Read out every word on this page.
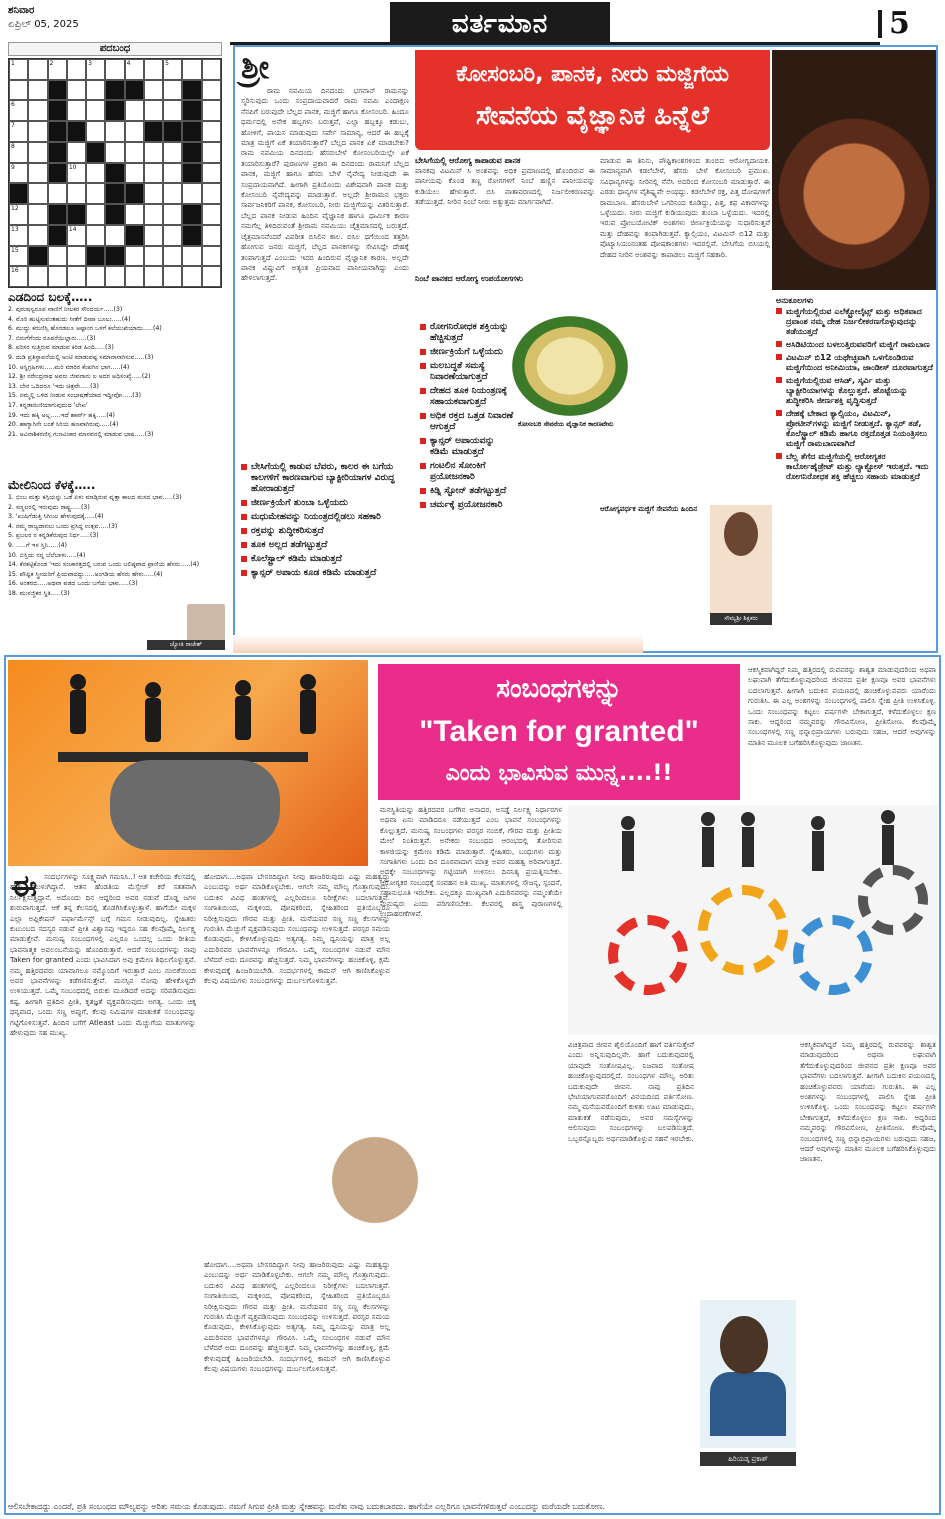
ಶನಿವಾರ
ಏಪ್ರಿಲ್ 05, 2025	ವರ್ತಮಾನ	5
ಪದಬಂಧ
1	2	3	4	5
6
7
8
9	10
12
13	14
15
16
ಎಡದಿಂದ ಬಲಕ್ಕೆ…..
2. ಪುರುಷಸ್ವರೂಪ ವಾಣಿಗೆ ನೀಲಕರ ಸೌಂದರ್ಯ…..(3)
4. ಮೊರಿ ಹುಟ್ಟಿಸುವಂತಹುದು ಸೀತೆಗೆ ದೀಪಾ ಬೂಲು…..(4)
6. ಮುದ್ದು ಕರುಣಿಸ್ಸಿ ಹೊರಡಲೂ ಅಷ್ಟಾಂಗ ಒಳಗೆ ಕಲೆಯುಖಿಯಾದು…..(4)
7. ಬಿರುಗೆಗೆಂದು ರೂಪರೆಯಿಲ್ಲಾರು…..(3)
8. ಪರಿಸರ ಸುತ್ತಿರುವ ಮಾಡುವ ಕಿರಿಡ ಹಿಂದಿ…..(3)
9. ದುಡಿ ಪ್ರತಿಸ್ಥಾಪನೆಯಲ್ಲಿ ಅಂಟಿ ಮಾಡುವಷ್ಟ ಸಮಾನಾಸಾಗಿಸುವ…..(3)
10. ಅಸ್ಥಿಗ್ರಹಿಗಳು…..ಮರಿ ಮಾರಿರ ಕೆಂಪಗಿನ ಭಾಗ…..(4)
12. ಶ್ರೀ ನರೇಂದ್ರನಾಥ ಅವರು ಜೀವನಾನು ಲ ಅದರ ಅಧಿಸಂಖ್ಯೆ…..(2)
13. ಬೇರ ಒದಿದರೂ 'ಇದು ಚಿತ್ರವೇ…..(3)
15. ನಮ್ಮಲ್ಲಿ ಒಳಿದ ನೀಡುವ ಸಂಭಾಷಣೆಯಾದ ಇದ್ದೀವೋ…..(3)
17. ಕನ್ನಡಾರುಣಿಯಾಗುವುದುದ 'ಲೇಖ'
19. ಇದು ಹಕ್ಕಿ ಅಲ್ಲ…..ಇದೆ ಹಾರ್ವ್ ಹಕ್ಕಿ…..(4)
20. ಹಾಗ್ಯಾಗಿನೇ ಬಂತೆ ಸಿರಿಯ ಹಣವಾಗಿರುವು…..(4)
21. ಅವಿನಾಶಿಕರಣಿಸ್ಸ ಗುಣವಿಚಾರ ಮಾನವನಲ್ಲಿ ಮಾಡುವ ಭಾಷ…..(3)
ಮೇಲಿನಿಂದ ಕೆಳಕ್ಕೆ…..
1. ಭಿಂಬ ಮತ್ತು ಕಗ್ಗಿಯನ್ನು ಒಡೆ ಏಳು ಮಾಡ್ಸಿರುವ ವೃತ್ತಾ ಕಾಲದ ಮಸದ ಭಾವ…..(3)
2. ಸಣ್ಣಲರಲ್ಲಿ ಇರುವುದು ರಾಷ್ಟ್ರ…..(3)
3. 'ಖುಷಿಗೆಡುತ್ತಿ ಸಿಗಿಬಲ ಹೇಳುವುದಕ್ಕೆ…..(4)
4. ನಮ್ಮ ರಾಜ್ಯದಾನಲು ಒಂದು ಪ್ರಸಿದ್ಧ ಉತ್ಸವ…..(3)
5. ಪ್ರಬಲರ ನ ಕನ್ನಡಿಕೆರುವುದ ನಿರ್ಧ…..(3)
9. …..ಗೆ ಇಸ ಸ್ತಿನಿ…..(4)
10. ಬಿಸ್ತಿಯ ನನ್ನ ಬೆಲೆಬಾಳು…..(4)
14. ಕೆನಕಟ್ಟಿಕೊಂಡ 'ಇದು ಸಂಚಾರತ್ತದಲ್ಲಿ ಬರುವ ಒಂದು ಬಲಿಷ್ಠವಾದ ಪ್ರಾಣಿಯ ಹೆಸರು…..(4)
15. ಪೌಷ್ಟಿಕ ಸ್ತ್ರೀಯರಿಗೆ ಪ್ರಿಯವಾದದ್ದು…..ಅಂಗಡಿಯ ಹೆಸರು ಹೇಳು…..(4)
16. ಅಂತರದ…..ಅಥವಾ ಪಡದ ಒಂದು ಬಗೆಯ ಭಾವ…..(3)
18. ಮುಸಜ್ಜಿಕರ ಸ್ಥಿತಿ…..(3)
ಜ್ಯೋತಿ ರಾಜೇಶ್
ಶ್ರೀ	ಕೋಸಂಬರಿ, ಪಾನಕ, ನೀರು ಮಜ್ಜಿಗೆಯ
ಸೇವನೆಯ ವೈಜ್ಞಾನಿಕ ಹಿನ್ನೆಲೆ
ರಾಮ ನವಮಿಯ ದಿನದಂದು ಭಗವಾನ್ ರಾಮನನ್ನು ಸ್ಮರಿಸುವುದು ಒಂದು ಸಂಪ್ರದಾಯವಾದರೆ ರಾಮ ನವಮಿ ಎಂದಾಕ್ಷಣ ನೆನಪಿಗೆ ಬರುವುದೇ ಬೆಲ್ಲದ ಪಾನಕ, ಮಜ್ಜಿಗೆ ಹಾಗೂ ಕೋಸಂಬರಿ. ಹಿಂದೂ ಧರ್ಮದಲ್ಲಿ ಅನೇಕ ಹಬ್ಬಗಳು ಬರುತ್ತವೆ, ಎಲ್ಲಾ ಹಬ್ಬಕ್ಕೂ ಕಡುಬು, ಹೋಳಿಗೆ, ಪಾಯಸ ಮಾಡುವುದು ಸರ್ವೇ ಸಾಮಾನ್ಯ, ಆದರೆ ಈ ಹಬ್ಬಕ್ಕೆ ಮಾತ್ರ ಮಜ್ಜಿಗೆ ಏಕೆ ತಯಾರಿಸುತ್ತಾರೆ? ಬೆಲ್ಲದ ಪಾನಕ ಏಕೆ ಮಾಡಬೇಕು? ರಾಮ ನವಮಿಯ ದಿನದಂದು ಹೆಸರುಬೇಳೆ ಕೋಸಂಬರಿಯಲ್ಲೇ ಏಕೆ ತಯಾರಿಸುತ್ತಾರೆ? ಪುರಾಣಗಳ ಪ್ರಕಾರ ಈ ದಿನದಂದು ರಾಮನಿಗೆ ಬೆಲ್ಲದ ಪಾನಕ, ಮಜ್ಜಿಗೆ ಹಾಗೂ ಹೆಸರು ಬೇಳೆ ನೈವೇದ್ಯ ನೀಡುವುದೇ ಈ ಸಂಪ್ರದಾಯವಾಗಿದೆ. ಹೀಗಾಗಿ ಪ್ರತಿಯೊಂದು ವಿಶೇಷವಾಗಿ ಪಾನಕ ಮತ್ತು ಕೋಸಂಬರಿ ನೈವೇದ್ಯವನ್ನು ಮಾಡುತ್ತಾರೆ. ಅಲ್ಲದೇ ಶ್ರೀರಾಮನ ಭಕ್ತರು ಸಾರ್ವಜನಿಕರಿಗೆ ಪಾನಕ, ಕೋಸಂಬರಿ, ನೀರು ಮಜ್ಜಿಗೆಯನ್ನು ವಿತರಿಸುತ್ತಾರೆ. ಬೆಲ್ಲದ ಪಾನಕ ನೀಡುವ ಹಿಂದಿನ ವೈಜ್ಞಾನಿಕ ಹಾಗೂ ಧಾರ್ಮಿಕ ಕಾರಣ ನಮಗೆಲ್ಲ ತಿಳಿದಿರುವಂತೆ ಶ್ರೀರಾಮ ನವಮಿಯು ಚೈತ್ರಮಾಸದಲ್ಲಿ ಬರುತ್ತದೆ. ಚೈತ್ರಮಾಸವೆಂದರೆ ವಿಪರೀತ ಬಿಸಿಲಿನ ಕಾಲ. ಬಿಸಿಲ ಧಗೆಯಿಂದ ತತ್ತರಿಸಿ ಹೋಗುವ ಜನರು ಮಜ್ಜಿಗೆ, ಬೆಲ್ಲದ ಪಾನಕಗಳನ್ನು ಸೇವಿಸಿದ್ದೇ ದೇಹಕ್ಕೆ ತಂಪಾಗುತ್ತದೆ ಎಂಬುದು ಇದರ ಹಿಂದಿರುವ ವೈಜ್ಞಾನಿಕ ಕಾರಣ. ಅಲ್ಲದೇ ಪಾನಕ ವಿಷ್ಣುವಿಗೆ ಅತ್ಯಂತ ಪ್ರಿಯವಾದ ಪಾನೀಯವಾಗಿದ್ದು ಎಂದು ಹೇಳಲಾಗುತ್ತದೆ.
ಬೇಸಿಗೆಯಲ್ಲಿ ಕಾಡುವ ಬೆವರು, ಕಾಲರ ಈ ಬಗೆಯ ಕಾಲಗಳಿಗೆ ಕಾರಣವಾಗುವ ಬ್ಯಾಕ್ಟೀರಿಯಾಗಳ ವಿರುದ್ಧ ಹೋರಾಡುತ್ತದೆ
ಜೀರ್ಣಕ್ರಿಯೆಗೆ ತುಂಬಾ ಒಳ್ಳೆಯದು
ಮಧುಮೇಹವನ್ನು ನಿಯಂತ್ರದಲ್ಲಿಡಲು ಸಹಕಾರಿ
ರಕ್ತವನ್ನು ಶುದ್ಧೀಕರಿಸುತ್ತದೆ
ತೂಕ ಅಲ್ಲದ ತಡೆಗಟ್ಟುತ್ತದೆ
ಕೊಲೆಸ್ಟ್ರಾಲ್ ಕಡಿಮೆ ಮಾಡುತ್ತದೆ
ಕ್ಯಾನ್ಸರ್ ಅಪಾಯ ಕೂಡ ಕಡಿಮೆ ಮಾಡುತ್ತದೆ
ಬೇಸಿಗೆಯಲ್ಲಿ ಆರೋಗ್ಯ ಕಾಪಾಡುವ ಪಾನಕ
ಪಾನಕವು ವಿಟಮಿನ್ ಸಿ ಅಂಶವನ್ನು ಅಧಿಕ ಪ್ರಮಾಣದಲ್ಲಿ ಹೊಂದಿರುವ ಈ ಪಾನೀಯವು ಕೊಂಡ ತಣ್ಣ ರೋಗಗಳಿಗೆ ನಿಂಬೆ ಹಣ್ಣಿನ ಪಾನೀಯವನ್ನು ಕುಡಿಯಲು ಹೇಳುತ್ತಾರೆ. ಬಿಸಿ ವಾತಾವರಣದಲ್ಲಿ ನಿರ್ಜಲೀಕರಣವನ್ನು ತಡೆಯುತ್ತದೆ. ನೀರಿನ ನಿಂಬೆ ನೀರು ಅತ್ಯುತ್ತಮ ಮಾರ್ಗವಾಗಿದೆ.
ನಿಂಬೆ ಪಾನಕದ ಆರೋಗ್ಯ ಉಪಯೋಗಗಳು
ರೋಗನಿರೋಧಕ ಶಕ್ತಿಯನ್ನು ಹೆಚ್ಚಿಸುತ್ತದೆ
ಜೀರ್ಣಕ್ರಿಯೆಗೆ ಒಳ್ಳೆಯದು
ಮಲಬದ್ಧತೆ ಸಮಸ್ಯೆ ನಿವಾರಣೆಯಾಗುತ್ತದೆ
ದೇಹದ ತೂಕ ನಿಯಂತ್ರಣಕ್ಕೆ ಸಹಾಯಕವಾಗುತ್ತದೆ
ಅಧಿಕ ರಕ್ತದ ಒತ್ತಡ ನಿವಾರಣೆ ಆಗುತ್ತದೆ
ಕ್ಯಾನ್ಸರ್ ಅಪಾಯವನ್ನು ಕಡಿಮೆ ಮಾಡುತ್ತದೆ
ಗಂಟಲಿನ ಸೋಂಕಿಗೆ ಪ್ರಯೋಜನಕಾರಿ
ಕಿಡ್ನಿ ಸ್ಟೋನ್ ತಡೆಗಟ್ಟುತ್ತದೆ
ಚರ್ಮಕ್ಕೆ ಪ್ರಯೋಜನಕಾರಿ
ಕೋಸಂಬರಿ ಸೇವನೆಯ ವೈಜ್ಞಾನಿಕ ಕಾರಣವೇನು
ಮಾಡುವ ಈ ತಿನಿಸು, ಪೌಷ್ಟಿಕಾಂಶಗಳಿಂದ ತುಂಬಿದ ಆರೋಗ್ಯದಾಯಕ. ಸಾಮಾನ್ಯವಾಗಿ ಕಡಲೆಬೇಳೆ, ಹೆಸರು ಬೇಳೆ ಕೋಸಂಬರಿ ಪ್ರಮುಖ. ಸವಿಧಾನ್ಯಗಳನ್ನು ನೀರಿನಲ್ಲಿ ನೆನೆಸಿ ಅದರಿಂದ ಕೋಸಂಬರಿ ಮಾಡುತ್ತಾರೆ. ಈ ಎರಡು ಧಾನ್ಯಗಳ ವೈಶಿಷ್ಟ್ಯವೇ ಅಂಥದ್ದು. ಕಡಲೆಬೇಳೆ ರಕ್ತ, ಪಿತ್ತ ದೋಷಗಳಿಗೆ ರಾಮಬಾಣ. ಹೆಸರುಬೇಳೆ ಒಗರಿನಿಂದ ಕೂಡಿದ್ದು, ಪಿತ್ತ, ಕಫ ವಿಕಾರಗಳನ್ನು ಒಳ್ಳೆಯದು. ನೀರು ಮಜ್ಜಿಗೆ ಕುಡಿಯುವುದು ತುಂಬಾ ಒಳ್ಳೆಯದು. ಇದರಲ್ಲಿ ಇರುವ ಪ್ರೋಬಯೋಟಿಕ್ ಅಂಶಗಳು ಜೀರ್ಣಕ್ರಿಯೆಯನ್ನು ಸುಧಾರಿಸುತ್ತವೆ ಮತ್ತು ದೇಹವನ್ನು ತಂಪಾಗಿಡುತ್ತವೆ. ಕ್ಯಾಲ್ಸಿಯಂ, ವಿಟಮಿನ್ ಬಿ12 ಮತ್ತು ಪೊಟ್ಯಾಸಿಯಂನಂತಹ ಪೋಷಕಾಂಶಗಳು ಇದರಲ್ಲಿವೆ. ಬೇಸಿಗೆಯ ಬಿಸಿಯಲ್ಲಿ ದೇಹದ ನೀರಿನ ಅಂಶವನ್ನು ಕಾಪಾಡಲು ಮಜ್ಜಿಗೆ ಸಹಕಾರಿ.
ಆರೋಗ್ಯವರ್ಧಕ ಮಜ್ಜಿಗೆ ಸೇವನೆಯ ಹಿಂದಿನ
ಸೌಮ್ಯಶ್ರೀ ಶಿಕ್ಷಕರು
ಅನುಕೂಲಗಳು
ಮಜ್ಜಿಗೆಯಲ್ಲಿರುವ ಎಲೆಕ್ಟ್ರೋಲೈಟ್ಸ್ ಮತ್ತು ಅಧಿಕವಾದ ದ್ರವಾಂಶ ನಮ್ಮ ದೇಹ ನಿರ್ಜಲೀಕರಣಗೊಳ್ಳುವುದನ್ನು ತಡೆಯುತ್ತದೆ
ಅಸಿಡಿಟಿಯಿಂದ ಬಳಲುತ್ತಿರುವವರಿಗೆ ಮಜ್ಜಿಗೆ ರಾಮಬಾಣ
ವಿಟಮಿನ್ ಬಿ12 ಯಥೇಚ್ಛವಾಗಿ ಒಳಗೊಂಡಿರುವ ಮಜ್ಜಿಗೆಯಿಂದ ಅನೀಮಿಯಾ, ಜಾಂಡೀಸ್ ದೂರವಾಗುತ್ತದೆ
ಮಜ್ಜಿಗೆಯಲ್ಲಿರುವ ಆಸಿಡ್, ಸ್ಕರ್ವಿ ಮತ್ತು ಬ್ಯಾಕ್ಟೀರಿಯಾಗಳನ್ನು ಕೊಲ್ಲುತ್ತದೆ. ಹೊಟ್ಟೆಯನ್ನು ಶುದ್ಧೀಕರಿಸಿ ಜೀರ್ಣಶಕ್ತಿ ವೃದ್ಧಿಸುತ್ತದೆ
ದೇಹಕ್ಕೆ ಬೇಕಾದ ಕ್ಯಾಲ್ಸಿಯಂ, ವಿಟಮಿನ್, ಪ್ರೋಟೀನ್‌ಗಳನ್ನು ಮಜ್ಜಿಗೆ ನೀಡುತ್ತದೆ. ಕ್ಯಾನ್ಸರ್ ತಡೆ, ಕೊಲೆಸ್ಟ್ರಾಲ್ ಕಡಿಮೆ ಹಾಗೂ ರಕ್ತದೊತ್ತಡ ನಿಯಂತ್ರಿಸಲು ಮಜ್ಜಿಗೆ ರಾಮಬಾಣವಾಗಿದೆ
ಬೆಲ್ಲ ತೆಗೆದ ಮಜ್ಜಿಗೆಯಲ್ಲಿ ಆರೋಗ್ಯಕರ ಕಾರ್ಬೋಹೈಡ್ರೇಟ್ ಮತ್ತು ಲ್ಯಾಕ್ಟೋಸ್ ಇರುತ್ತದೆ. ಇದು ರೋಗನಿರೋಧಕ ಶಕ್ತಿ ಹೆಚ್ಚಲು ಸಹಾಯ ಮಾಡುತ್ತದೆ
ಸಂಬಂಧಗಳನ್ನು
"Taken for granted"
ಎಂದು ಭಾವಿಸುವ ಮುನ್ನ....!!
ಈ ಸಂದರ್ಭಗಳನ್ನು ಸೂಕ್ಷ್ಮವಾಗಿ ಗಮನಿಸಿ..! ಆತ ಕಚೇರಿಯ ಕೆಲಸದಲ್ಲಿ ಹೆಚ್ಚು ಮುಳುಗಿದ್ದಾನೆ. ಆತನ ಹೆಂಡತಿಯ ಮೆಸ್ಸೇಜ್ ಕರೆ ಸತತವಾಗಿ ನಿರ್ಲಕ್ಷಿಸುತ್ತಿದ್ದಾನೆ. ಅದೊಂದು ದಿನ ಆದ್ದರಿಂದ ಅವರ ನಡುವೆ ದೊಡ್ಡ ಜಗಳ ಶುರುವಾಗುತ್ತದೆ. ಆಕೆ ತನ್ನ ಕೆಲಸದಲ್ಲಿ ತೊಡಗಿಸಿಕೊಳ್ಳುತ್ತಾಳೆ. ಹಾಗೆಯೇ ಮಕ್ಕಳ ಎಲ್ಲಾ ಅಪ್ಲಿಕೇಷನ್ ಪರ್ಫಾರ್ಮೆನ್ಸ್ ಬಗ್ಗೆ ಗಮನ ನೀಡುವುದಿಲ್ಲ. ಸ್ನೇಹಿತರು ಕುಟುಂಬದ ಸದಸ್ಯರ ನಡುವೆ ಪ್ರೀತಿ ವಿಶ್ವಾಸವು ಇದ್ದರೂ ಸಹ ಕೆಲವೊಮ್ಮೆ ನಿರ್ಲಕ್ಷ್ಯ ಮಾಡುತ್ತೇವೆ. ಮನುಷ್ಯ ಸಂಬಂಧಗಳಲ್ಲಿ ಎಲ್ಲರೂ ಒಂದಲ್ಲ ಒಂದು ರೀತಿಯ ಭಾವನಾತ್ಮಕ ಅವಲಂಬನೆಯನ್ನು ಹೊಂದಿರುತ್ತಾರೆ. ಆದರೆ ಸಂಬಂಧಗಳನ್ನು ನಾವು Taken for granted ಎಂದು ಭಾವಿಸಿದಾಗ ಅವು ಕ್ರಮೇಣ ಶಿಥಿಲಗೊಳ್ಳುತ್ತವೆ. ನಮ್ಮ ಹತ್ತಿರದವರು ಯಾವಾಗಲೂ ನಮ್ಮೊಂದಿಗೆ ಇರುತ್ತಾರೆ ಎಂಬ ನಂಬಿಕೆಯಿಂದ ಅವರ ಭಾವನೆಗಳನ್ನು ಕಡೆಗಣಿಸುತ್ತೇವೆ. ಮನಸ್ಸಿನ ನೋವು ಹೇಳಿಕೊಳ್ಳದೇ ಉಳಿಯುತ್ತದೆ. ಒಮ್ಮೆ ಸಂಬಂಧದಲ್ಲಿ ಬಿರುಕು ಮೂಡಿದರೆ ಅದನ್ನು ಸರಿಪಡಿಸುವುದು ಕಷ್ಟ. ಹೀಗಾಗಿ ಪ್ರತಿದಿನ ಪ್ರೀತಿ, ಕೃತಜ್ಞತೆ ವ್ಯಕ್ತಪಡಿಸುವುದು ಅಗತ್ಯ. ಒಂದು ಚಿಕ್ಕ ಧನ್ಯವಾದ, ಒಂದು ಸಣ್ಣ ಅಪ್ಪುಗೆ, ಕೆಲವು ನಿಮಿಷಗಳ ಮಾತುಕತೆ ಸಂಬಂಧವನ್ನು ಗಟ್ಟಿಗೊಳಿಸುತ್ತವೆ. ಹಿಂದಿನ ಬಗೆಗೆ Atleast ಒಂದು ಮೆಚ್ಚುಗೆಯ ಮಾತುಗಳನ್ನು ಹೇಳುವುದು ಸಹ ಮುಖ್ಯ.
ಹೋದಾಗ….ಅಥವಾ ಬೇಸರದಿದ್ದಾಗ ನೀವು ಹಾಜರಿರುವುದು ಎಷ್ಟು ಮಹತ್ವದ್ದು ಎಂಬುದನ್ನು ಅರ್ಥ ಮಾಡಿಕೊಳ್ಳಬೇಕು. ಆಗಲೇ ನಮ್ಮ ಮೌಲ್ಯ ಗೊತ್ತಾಗುವುದು. ಬದುಕಿನ ವಿವಿಧ ಹಂತಗಳಲ್ಲಿ ಎಲ್ಲರಿಂದಲೂ ನಿರೀಕ್ಷೆಗಳು ಬದಲಾಗುತ್ತವೆ. ಸಂಗಾತಿಯಿಂದ, ಮಕ್ಕಳಿಂದ, ಪೋಷಕರಿಂದ, ಸ್ನೇಹಿತರಿಂದ ಪ್ರತಿಯೊಬ್ಬರೂ ನಿರೀಕ್ಷಿಸುವುದು ಗೌರವ ಮತ್ತು ಪ್ರೀತಿ. ಮನೆಯವರ ಸಣ್ಣ ಸಣ್ಣ ಕೆಲಸಗಳನ್ನು ಗುರುತಿಸಿ ಮೆಚ್ಚುಗೆ ವ್ಯಕ್ತಪಡಿಸುವುದು ಸಂಬಂಧವನ್ನು ಉಳಿಸುತ್ತದೆ. ಪರಸ್ಪರ ಸಮಯ ಕೊಡುವುದು, ಕೇಳಿಸಿಕೊಳ್ಳುವುದು ಅತ್ಯಗತ್ಯ. ನಿಮ್ಮ ಧ್ವನಿಯನ್ನು ಮಾತ್ರ ಅಲ್ಲ ಎದುರಿನವರ ಭಾವನೆಗಳನ್ನೂ ಗೌರವಿಸಿ. ಒಮ್ಮೆ ಸಂಬಂಧಗಳ ನಡುವೆ ಮೌನ ಬೆಳೆದರೆ ಅದು ದೂರವನ್ನು ಹೆಚ್ಚಿಸುತ್ತದೆ. ನಿಮ್ಮ ಭಾವನೆಗಳನ್ನು ಹಂಚಿಕೊಳ್ಳಿ, ಕ್ಷಮೆ ಕೇಳುವುದಕ್ಕೆ ಹಿಂಜರಿಯಬೇಡಿ. ಸಂದರ್ಭಗಳಲ್ಲಿ ಕಾಮನ್ ಆಗಿ ಕಾಣಿಸಿಕೊಳ್ಳುವ ಕೆಲವು ವಿಷಯಗಳು ಸಂಬಂಧಗಳನ್ನು ದುರ್ಬಲಗೊಳಿಸುತ್ತವೆ.
ಹೋದಾಗ….ಅಥವಾ ಬೇಸರದಿದ್ದಾಗ ನೀವು ಹಾಜರಿರುವುದು ಎಷ್ಟು ಮಹತ್ವದ್ದು ಎಂಬುದನ್ನು ಅರ್ಥ ಮಾಡಿಕೊಳ್ಳಬೇಕು. ಆಗಲೇ ನಮ್ಮ ಮೌಲ್ಯ ಗೊತ್ತಾಗುವುದು. ಬದುಕಿನ ವಿವಿಧ ಹಂತಗಳಲ್ಲಿ ಎಲ್ಲರಿಂದಲೂ ನಿರೀಕ್ಷೆಗಳು ಬದಲಾಗುತ್ತವೆ. ಸಂಗಾತಿಯಿಂದ, ಮಕ್ಕಳಿಂದ, ಪೋಷಕರಿಂದ, ಸ್ನೇಹಿತರಿಂದ ಪ್ರತಿಯೊಬ್ಬರೂ ನಿರೀಕ್ಷಿಸುವುದು ಗೌರವ ಮತ್ತು ಪ್ರೀತಿ. ಮನೆಯವರ ಸಣ್ಣ ಸಣ್ಣ ಕೆಲಸಗಳನ್ನು ಗುರುತಿಸಿ ಮೆಚ್ಚುಗೆ ವ್ಯಕ್ತಪಡಿಸುವುದು ಸಂಬಂಧವನ್ನು ಉಳಿಸುತ್ತದೆ. ಪರಸ್ಪರ ಸಮಯ ಕೊಡುವುದು, ಕೇಳಿಸಿಕೊಳ್ಳುವುದು ಅತ್ಯಗತ್ಯ. ನಿಮ್ಮ ಧ್ವನಿಯನ್ನು ಮಾತ್ರ ಅಲ್ಲ ಎದುರಿನವರ ಭಾವನೆಗಳನ್ನೂ ಗೌರವಿಸಿ. ಒಮ್ಮೆ ಸಂಬಂಧಗಳ ನಡುವೆ ಮೌನ ಬೆಳೆದರೆ ಅದು ದೂರವನ್ನು ಹೆಚ್ಚಿಸುತ್ತದೆ. ನಿಮ್ಮ ಭಾವನೆಗಳನ್ನು ಹಂಚಿಕೊಳ್ಳಿ, ಕ್ಷಮೆ ಕೇಳುವುದಕ್ಕೆ ಹಿಂಜರಿಯಬೇಡಿ. ಸಂದರ್ಭಗಳಲ್ಲಿ ಕಾಮನ್ ಆಗಿ ಕಾಣಿಸಿಕೊಳ್ಳುವ ಕೆಲವು ವಿಷಯಗಳು ಸಂಬಂಧಗಳನ್ನು ದುರ್ಬಲಗೊಳಿಸುತ್ತವೆ.
ಮನಸ್ಥಿತಿಯನ್ನು ಹತ್ತಿರದವರ ಬಗೆಗಿನ ಅನಾದರ, ಅಸಡ್ಡೆ ನಿರ್ಲಕ್ಷ್ಯ ನಿರ್ಧಾರಗಳ ಅಥವಾ ಏನು ಮಾಡಿದರೂ ನಡೆಯುತ್ತದೆ ಎಂಬ ಭಾವನೆ ಸಂಬಂಧಗಳನ್ನು ಕೊಲ್ಲುತ್ತದೆ. ಮನುಷ್ಯ ಸಂಬಂಧಗಳು ಪರಸ್ಪರ ನಂಬಿಕೆ, ಗೌರವ ಮತ್ತು ಪ್ರೀತಿಯ ಮೇಲೆ ನಿಂತಿರುತ್ತವೆ. ಅನೇಕರು ಸಂಬಂಧದ ಆರಂಭದಲ್ಲಿ ತೋರಿಸುವ ಕಾಳಜಿಯನ್ನು ಕ್ರಮೇಣ ಕಡಿಮೆ ಮಾಡುತ್ತಾರೆ. ಸ್ನೇಹಿತರು, ಬಂಧುಗಳು ಮತ್ತು ಸಂಗಾತಿಗಳು ಒಂದು ದಿನ ದೂರವಾದಾಗ ಮಾತ್ರ ಅವರ ಮಹತ್ವ ಅರಿವಾಗುತ್ತದೆ. ಅದಕ್ಕೇ ಸಂಬಂಧಗಳನ್ನು ಗಟ್ಟಿಯಾಗಿ ಉಳಿಸಲು ದಿನನಿತ್ಯ ಪ್ರಯತ್ನಿಸಬೇಕು. ಆರೋಗ್ಯಕರ ಸಂಬಂಧಕ್ಕೆ ಸಂವಹನ ಅತಿ ಮುಖ್ಯ. ಮಾತುಗಳಲ್ಲಿ ಸೌಜನ್ಯ, ಸ್ಪಂದನೆ, ಸಹಾನುಭೂತಿ ಇರಬೇಕು. ಎಲ್ಲದಕ್ಕೂ ಮುಖ್ಯವಾಗಿ ಎದುರಿನವರನ್ನು ನಮ್ಮಂತೆಯೇ ಮನುಷ್ಯರು ಎಂದು ಪರಿಗಣಿಸಬೇಕು. ಕೆಲವರಲ್ಲಿ ಶಾಸ್ತ್ರ ಪುರಾಣಗಳಲ್ಲಿ ಉದಾಹರಣೆಗಳಿವೆ.
ವಿಚಿತ್ರವಾದ ಜೀವನ ಶೈಲಿಯೊಂದಿಗೆ ಹಾಗೆ ವರ್ತಿಸುತ್ತೇವೆ ಎಂದು ಅನ್ನಿಸುವುದಿಲ್ಲವೇ. ಹಾಗೆ ಬದುಕುವುದರಲ್ಲಿ ಯಾವುದೇ ಸಂತೋಷವಿಲ್ಲ. ನಿಜವಾದ ಸಂತೋಷ ಹಂಚಿಕೊಳ್ಳುವುದರಲ್ಲಿದೆ. ಸಂಬಂಧಗಳ ಮೌಲ್ಯ ಅರಿತು ಬದುಕುವುದೇ ಜೀವನ. ನಾವು ಪ್ರತಿದಿನ ಭೇಟಿಯಾಗುವವರೊಂದಿಗೆ ವಿನಯದಿಂದ ವರ್ತಿಸೋಣ. ನಮ್ಮ ಮನೆಯವರೊಂದಿಗೆ ಕುಳಿತು ಊಟ ಮಾಡುವುದು, ಮಾತುಕತೆ ನಡೆಸುವುದು, ಅವರ ಸಮಸ್ಯೆಗಳನ್ನು ಆಲಿಸುವುದು ಸಂಬಂಧಗಳನ್ನು ಬಲಪಡಿಸುತ್ತದೆ. ಒಬ್ಬರನ್ನೊಬ್ಬರು ಅರ್ಥಮಾಡಿಕೊಳ್ಳುವ ಸಹನೆ ಇರಬೇಕು.
ಆಕಸ್ಮಿಕವಾಗಿದ್ದರೆ ನಿಮ್ಮ ಹತ್ತಿರದಲ್ಲಿ ರುವವರನ್ನು ಶಾಶ್ವತ ಮಾಡುವುದರಿಂದ ಅಥವಾ ಲಘುವಾಗಿ ತೆಗೆದುಕೊಳ್ಳುವುದರಿಂದ ಜೀವನದ ಪ್ರತೀ ಕ್ಷಣವೂ ಅವರ ಭಾವನೆಗಳು ಬದಲಾಗುತ್ತವೆ. ಹೀಗಾಗಿ ಬದುಕಿನ ಪಯಣದಲ್ಲಿ ಹಂಚಿಕೊಳ್ಳುವವರು ಯಾರೆಂದು ಗುರುತಿಸಿ. ಈ ಎಲ್ಲ ಅಂಶಗಳನ್ನು ಸಂಬಂಧಗಳಲ್ಲಿ ಪಾಲಿಸಿ ಸ್ನೇಹ ಪ್ರೀತಿ ಉಳಿಸಿಕೊಳ್ಳಿ. ಒಂದು ಸಂಬಂಧವನ್ನು ಕಟ್ಟಲು ವರ್ಷಗಳೇ ಬೇಕಾಗುತ್ತದೆ, ಕಳೆದುಕೊಳ್ಳಲು ಕ್ಷಣ ಸಾಕು. ಆದ್ದರಿಂದ ನಮ್ಮವರನ್ನು ಗೌರವಿಸೋಣ, ಪ್ರೀತಿಸೋಣ. ಕೆಲವೊಮ್ಮೆ ಸಂಬಂಧಗಳಲ್ಲಿ ಸಣ್ಣ ಭಿನ್ನಾಭಿಪ್ರಾಯಗಳು ಬರುವುದು ಸಹಜ, ಆದರೆ ಅವುಗಳನ್ನು ಮಾತಿನ ಮೂಲಕ ಬಗೆಹರಿಸಿಕೊಳ್ಳುವುದು ಜಾಣತನ.
ಆಕಸ್ಮಿಕವಾಗಿದ್ದರೆ ನಿಮ್ಮ ಹತ್ತಿರದಲ್ಲಿ ರುವವರನ್ನು ಶಾಶ್ವತ ಮಾಡುವುದರಿಂದ ಅಥವಾ ಲಘುವಾಗಿ ತೆಗೆದುಕೊಳ್ಳುವುದರಿಂದ ಜೀವನದ ಪ್ರತೀ ಕ್ಷಣವೂ ಅವರ ಭಾವನೆಗಳು ಬದಲಾಗುತ್ತವೆ. ಹೀಗಾಗಿ ಬದುಕಿನ ಪಯಣದಲ್ಲಿ ಹಂಚಿಕೊಳ್ಳುವವರು ಯಾರೆಂದು ಗುರುತಿಸಿ. ಈ ಎಲ್ಲ ಅಂಶಗಳನ್ನು ಸಂಬಂಧಗಳಲ್ಲಿ ಪಾಲಿಸಿ ಸ್ನೇಹ ಪ್ರೀತಿ ಉಳಿಸಿಕೊಳ್ಳಿ. ಒಂದು ಸಂಬಂಧವನ್ನು ಕಟ್ಟಲು ವರ್ಷಗಳೇ ಬೇಕಾಗುತ್ತದೆ, ಕಳೆದುಕೊಳ್ಳಲು ಕ್ಷಣ ಸಾಕು. ಆದ್ದರಿಂದ ನಮ್ಮವರನ್ನು ಗೌರವಿಸೋಣ, ಪ್ರೀತಿಸೋಣ. ಕೆಲವೊಮ್ಮೆ ಸಂಬಂಧಗಳಲ್ಲಿ ಸಣ್ಣ ಭಿನ್ನಾಭಿಪ್ರಾಯಗಳು ಬರುವುದು ಸಹಜ, ಆದರೆ ಅವುಗಳನ್ನು ಮಾತಿನ ಮೂಲಕ ಬಗೆಹರಿಸಿಕೊಳ್ಳುವುದು ಜಾಣತನ.
ಹಿರಿಯಡ್ಕ ಪ್ರಕಾಶ್
ಆಲಿಸಬೇಕಾದದ್ದು ಎಂದರೆ, ಪ್ರತಿ ಸಂಬಂಧದ ಮೌಲ್ಯವನ್ನು ಅರಿತು ಸಮಯ ಕೊಡುವುದು. ನಮಗೆ ಸಿಗುವ ಪ್ರೀತಿ ಮತ್ತು ಸ್ನೇಹವನ್ನು ಮರೆತು ನಾವು ಬದುಕಬಾರದು. ಹಾಗೆಯೇ ಎಲ್ಲರಿಗೂ ಭಾವನೆಗಳಿರುತ್ತವೆ ಎಂಬುದನ್ನು ಮರೆಯದೇ ಬದುಕೋಣ.
